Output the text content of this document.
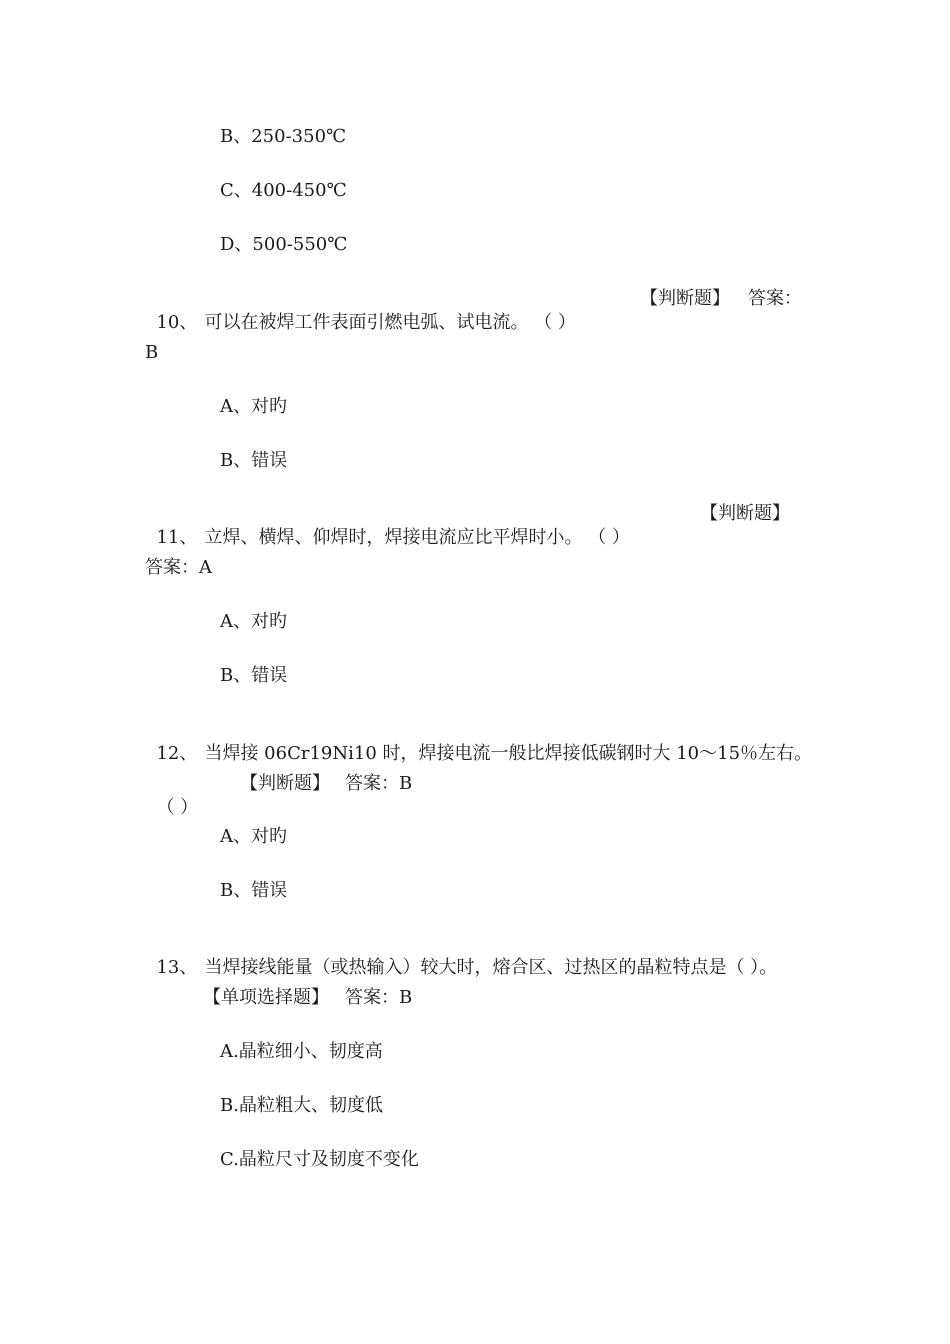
B、250-350℃
C、400-450℃
D、500-550℃

10、 可以在被焊工件表面引燃电弧、试电流。 （ ）

【判断题】 答案：
B
A、对旳
B、错误

11、 立焊、横焊、仰焊时，焊接电流应比平焊时小。 （ ）

【判断题】
答案：A
A、对旳
B、错误

12、 当焊接 06Cr19Ni10 时，焊接电流一般比焊接低碳钢时大 10～15％左右。

（ ）

【判断题】 答案：B
A、对旳
B、错误

13、 当焊接线能量（或热输入）较大时，熔合区、过热区的晶粒特点是（ ）。

【单项选择题】 答案：B
A.晶粒细小、韧度高
B.晶粒粗大、韧度低
C.晶粒尺寸及韧度不变化
